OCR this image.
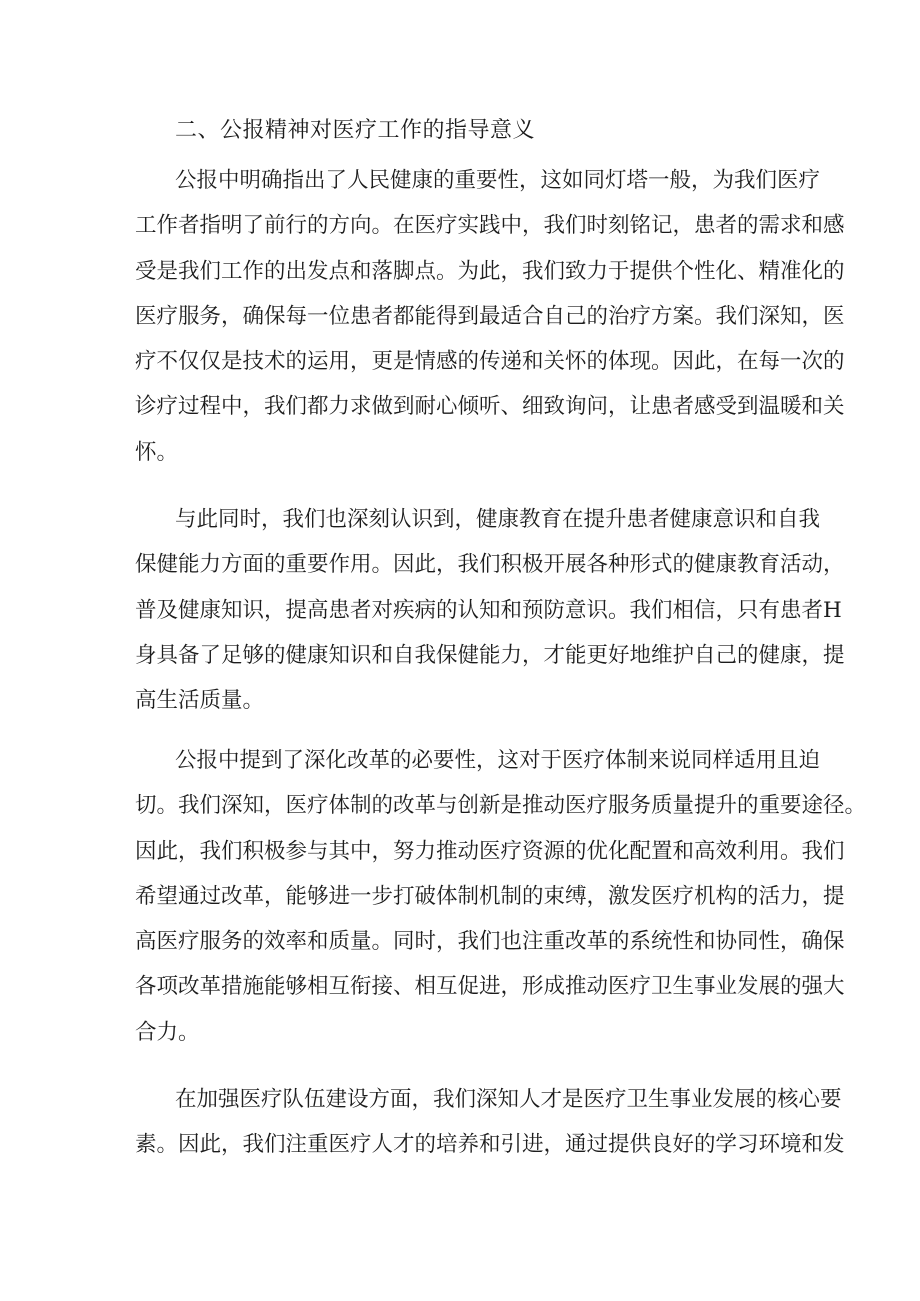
二、公报精神对医疗工作的指导意义
公报中明确指出了人民健康的重要性，这如同灯塔一般，为我们医疗
工作者指明了前行的方向。在医疗实践中，我们时刻铭记，患者的需求和感
受是我们工作的出发点和落脚点。为此，我们致力于提供个性化、精准化的
医疗服务，确保每一位患者都能得到最适合自己的治疗方案。我们深知，医
疗不仅仅是技术的运用，更是情感的传递和关怀的体现。因此，在每一次的
诊疗过程中，我们都力求做到耐心倾听、细致询问，让患者感受到温暖和关
怀。
与此同时，我们也深刻认识到，健康教育在提升患者健康意识和自我
保健能力方面的重要作用。因此，我们积极开展各种形式的健康教育活动，
普及健康知识，提高患者对疾病的认知和预防意识。我们相信，只有患者H
身具备了足够的健康知识和自我保健能力，才能更好地维护自己的健康，提
高生活质量。
公报中提到了深化改革的必要性，这对于医疗体制来说同样适用且迫
切。我们深知，医疗体制的改革与创新是推动医疗服务质量提升的重要途径。
因此，我们积极参与其中，努力推动医疗资源的优化配置和高效利用。我们
希望通过改革，能够进一步打破体制机制的束缚，激发医疗机构的活力，提
高医疗服务的效率和质量。同时，我们也注重改革的系统性和协同性，确保
各项改革措施能够相互衔接、相互促进，形成推动医疗卫生事业发展的强大
合力。
在加强医疗队伍建设方面，我们深知人才是医疗卫生事业发展的核心要
素。因此，我们注重医疗人才的培养和引进，通过提供良好的学习环境和发
